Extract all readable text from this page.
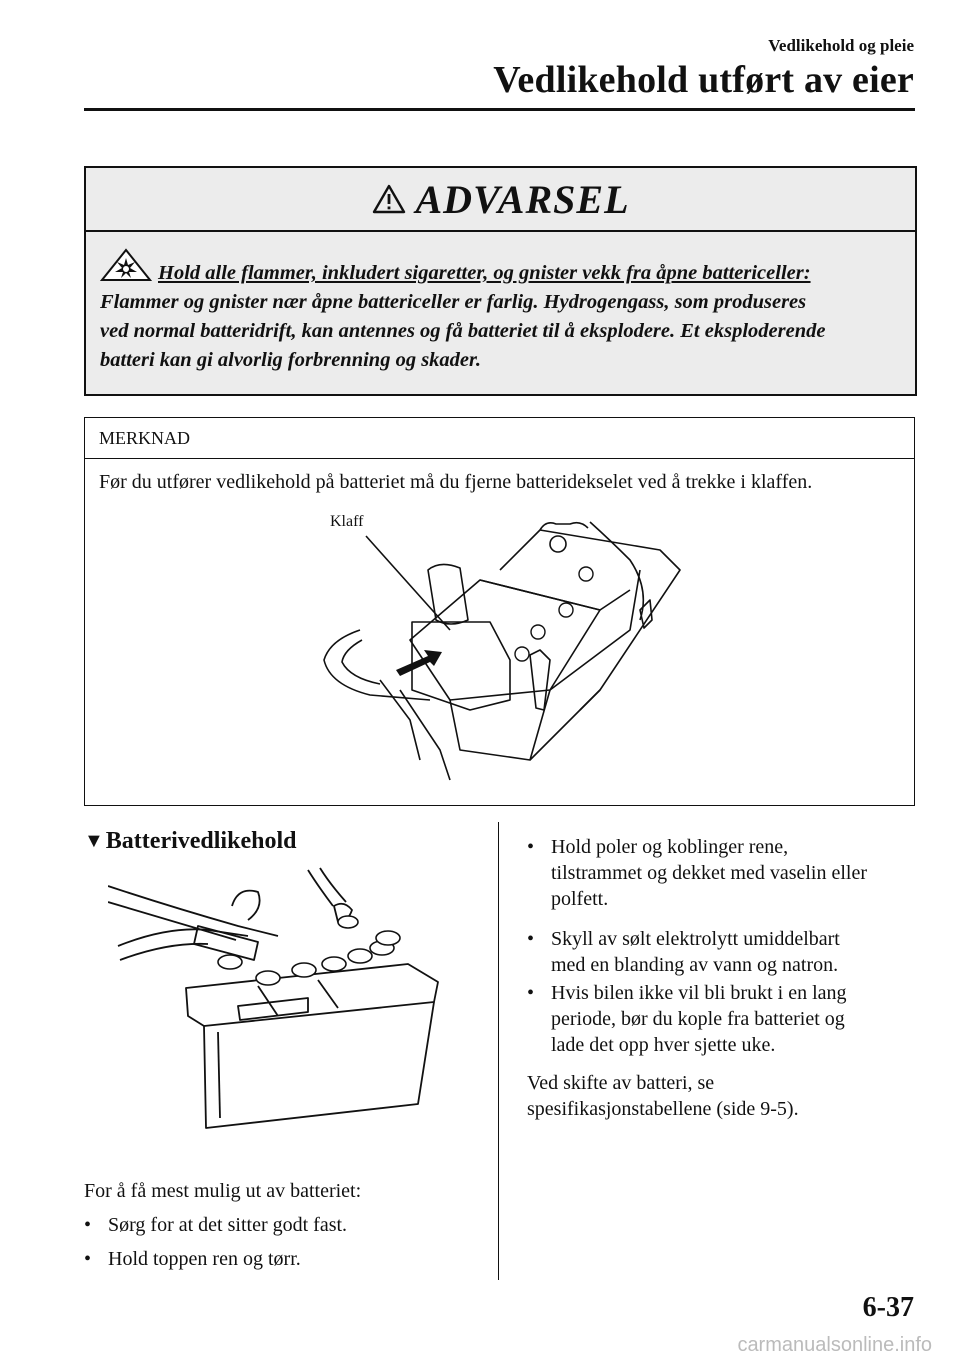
Vedlikehold og pleie
Vedlikehold utført av eier
ADVARSEL
Hold alle flammer, inkludert sigaretter, og gnister vekk fra åpne battericeller:
Flammer og gnister nær åpne battericeller er farlig. Hydrogengass, som produseres
ved normal batteridrift, kan antennes og få batteriet til å eksplodere. Et eksploderende
batteri kan gi alvorlig forbrenning og skader.
MERKNAD
Før du utfører vedlikehold på batteriet må du fjerne batteridekselet ved å trekke i klaffen.
Klaff
▼ Batterivedlikehold
For å få mest mulig ut av batteriet:
• Sørg for at det sitter godt fast.
• Hold toppen ren og tørr.
• Hold poler og koblinger rene,
tilstrammet og dekket med vaselin eller
polfett.
• Skyll av sølt elektrolytt umiddelbart
med en blanding av vann og natron.
• Hvis bilen ikke vil bli brukt i en lang
periode, bør du kople fra batteriet og
lade det opp hver sjette uke.
Ved skifte av batteri, se
spesifikasjonstabellene (side 9-5).
6-37
carmanualsonline.info
